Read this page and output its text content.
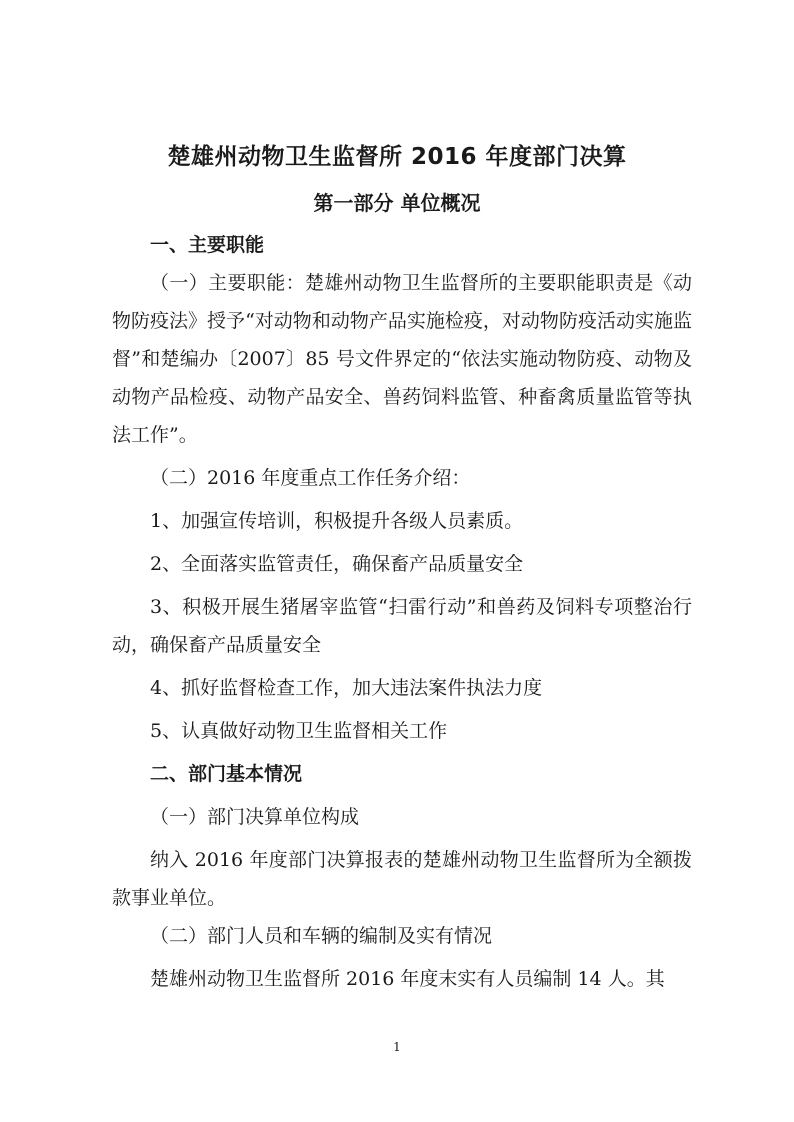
楚雄州动物卫生监督所 2016 年度部门决算
第一部分 单位概况

一、主要职能

（一）主要职能：楚雄州动物卫生监督所的主要职能职责是《动物防疫法》授予“对动物和动物产品实施检疫，对动物防疫活动实施监督”和楚编办〔2007〕85 号文件界定的“依法实施动物防疫、动物及动物产品检疫、动物产品安全、兽药饲料监管、种畜禽质量监管等执法工作”。

（二）2016 年度重点工作任务介绍：

1、加强宣传培训，积极提升各级人员素质。

2、全面落实监管责任，确保畜产品质量安全

3、积极开展生猪屠宰监管“扫雷行动”和兽药及饲料专项整治行动，确保畜产品质量安全

4、抓好监督检查工作，加大违法案件执法力度

5、认真做好动物卫生监督相关工作

二、部门基本情况

（一）部门决算单位构成

纳入 2016 年度部门决算报表的楚雄州动物卫生监督所为全额拨款事业单位。

（二）部门人员和车辆的编制及实有情况

楚雄州动物卫生监督所 2016 年度末实有人员编制 14 人。其

1
